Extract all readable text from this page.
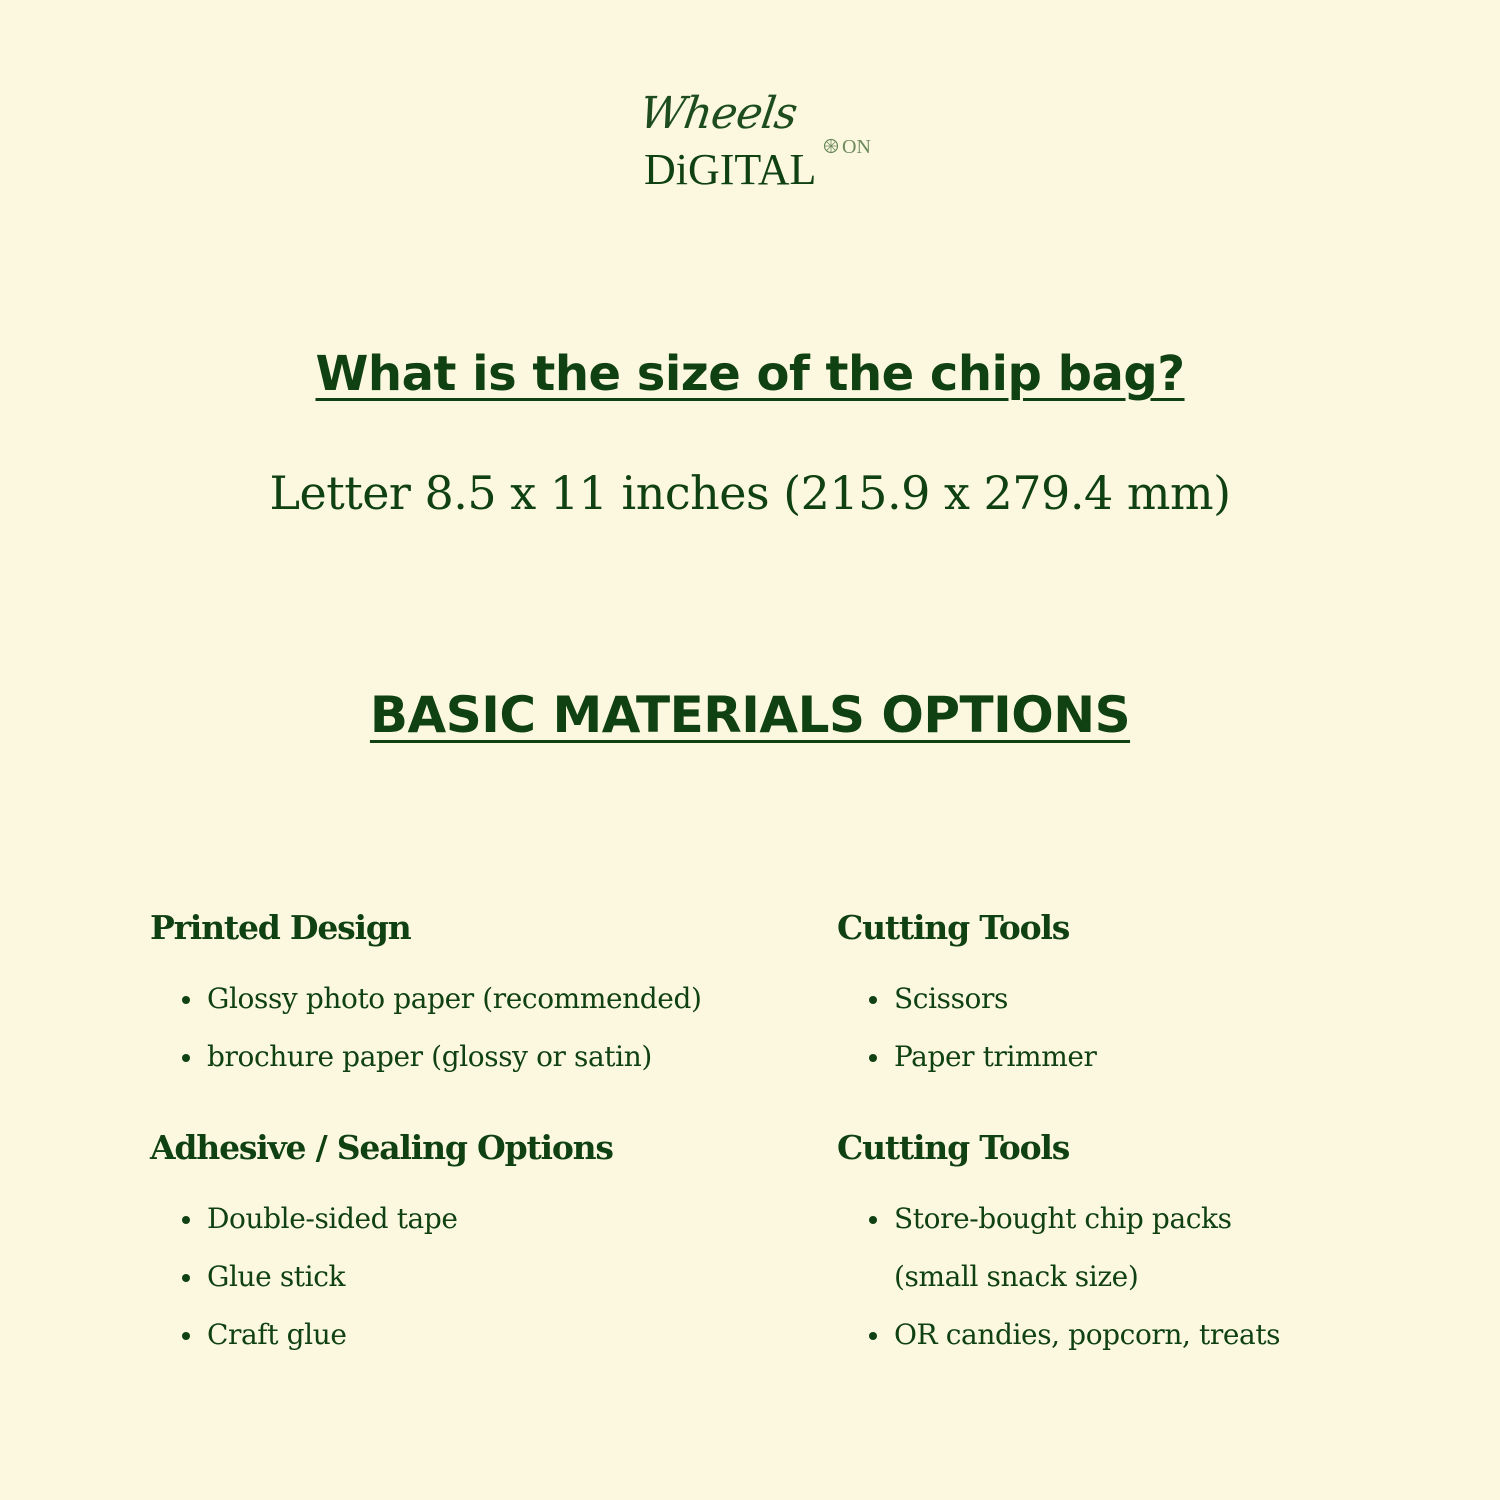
Wheels
DiGITAL ON
What is the size of the chip bag?
Letter 8.5 x 11 inches (215.9 x 279.4 mm)
BASIC MATERIALS OPTIONS
Printed Design
Glossy photo paper (recommended)
brochure paper (glossy or satin)
Cutting Tools
Scissors
Paper trimmer
Adhesive / Sealing Options
Double-sided tape
Glue stick
Craft glue
Cutting Tools
Store-bought chip packs
(small snack size)
OR candies, popcorn, treats
